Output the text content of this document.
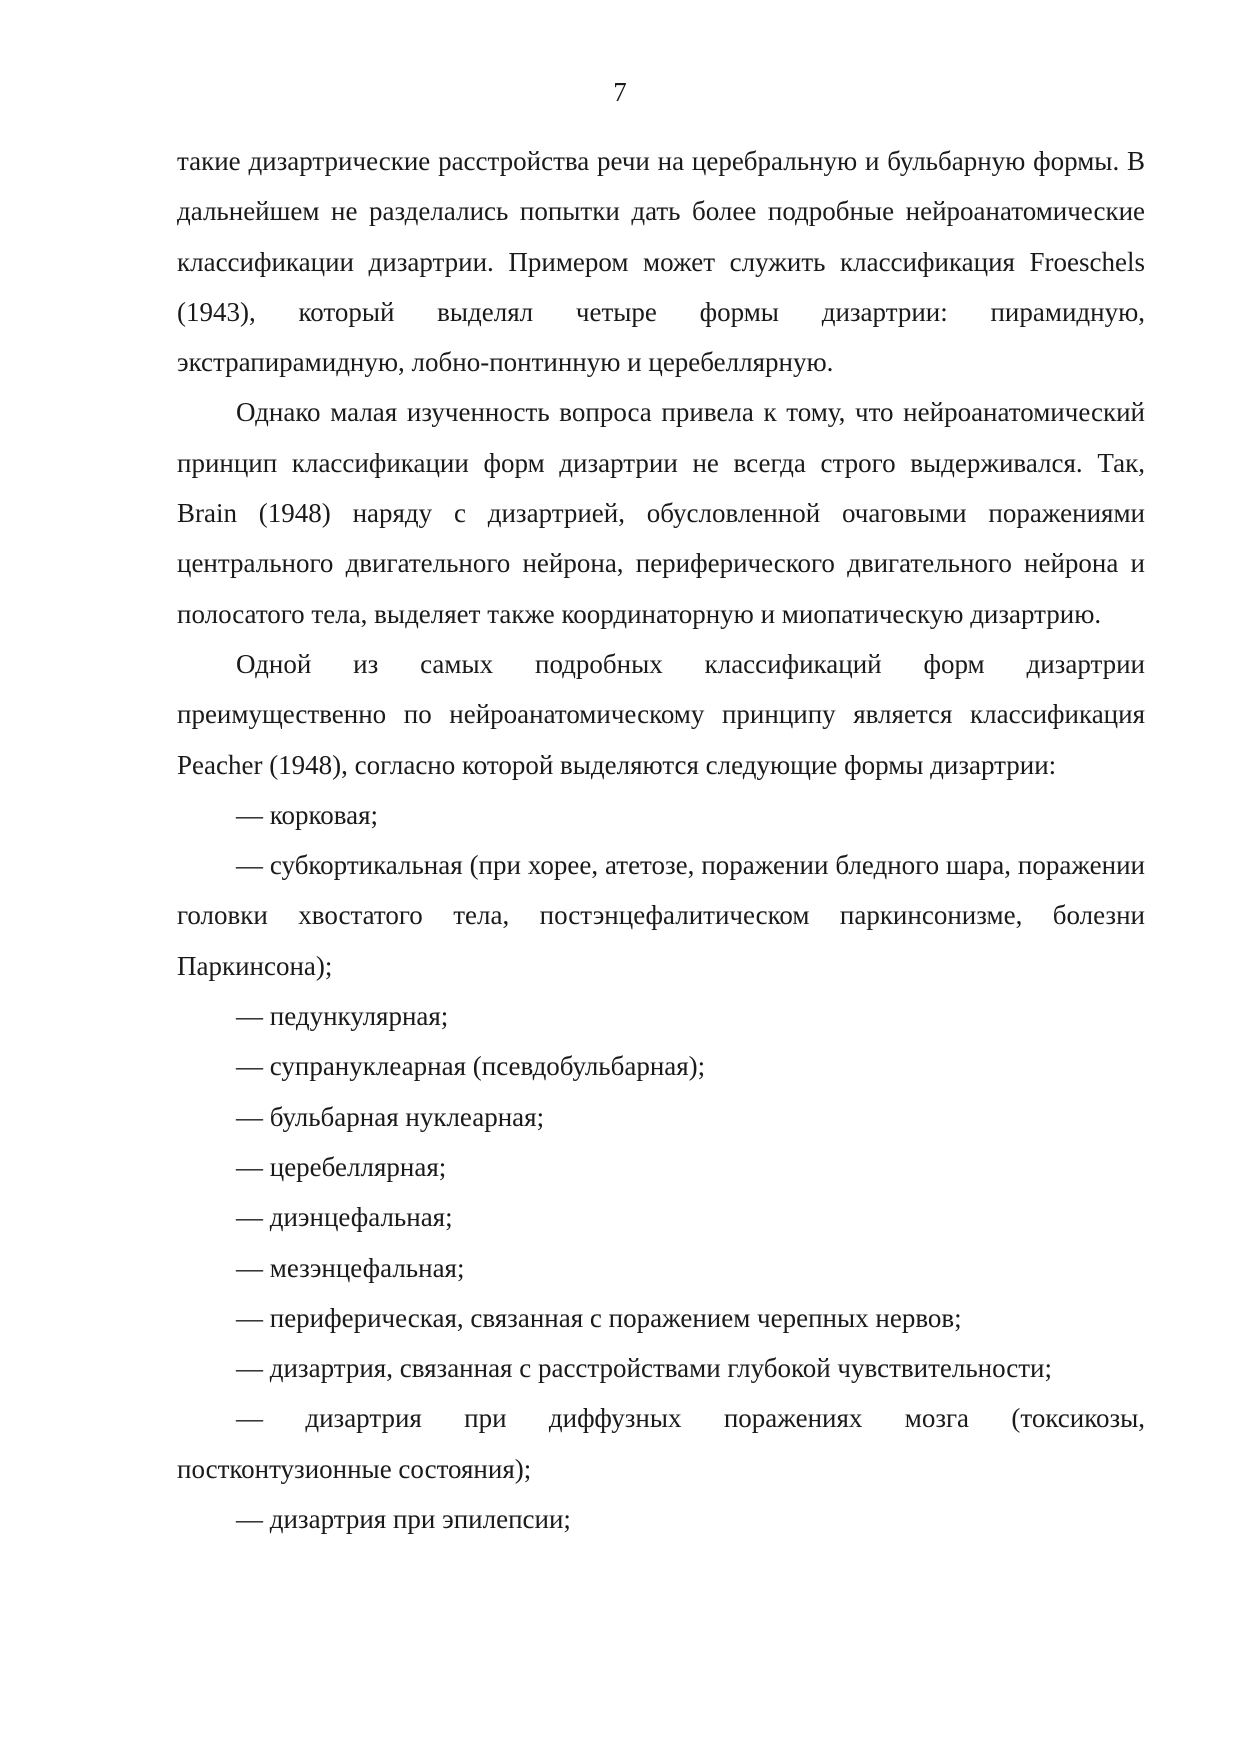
7

такие дизартрические расстройства речи на церебральную и бульбарную формы. В дальнейшем не разделались попытки дать более подробные нейроанатомические классификации дизартрии. Примером может служить классификация Froeschels (1943), который выделял четыре формы дизартрии: пирамидную, экстрапирамидную, лобно-понтинную и церебеллярную.

Однако малая изученность вопроса привела к тому, что нейроанатомический принцип классификации форм дизартрии не всегда строго выдерживался. Так, Brain (1948) наряду с дизартрией, обусловленной очаговыми поражениями центрального двигательного нейрона, периферического двигательного нейрона и полосатого тела, выделяет также координаторную и миопатическую дизартрию.

Одной из самых подробных классификаций форм дизартрии преимущественно по нейроанатомическому принципу является классификация Peacher (1948), согласно которой выделяются следующие формы дизартрии:

— корковая;

— субкортикальная (при хорее, атетозе, поражении бледного шара, поражении головки хвостатого тела, постэнцефалитическом паркинсонизме, болезни Паркинсона);

— педункулярная;

— супрануклеарная (псевдобульбарная);

— бульбарная нуклеарная;

— церебеллярная;

— диэнцефальная;

— мезэнцефальная;

— периферическая, связанная с поражением черепных нервов;

— дизартрия, связанная с расстройствами глубокой чувствительности;

— дизартрия при диффузных поражениях мозга (токсикозы, постконтузионные состояния);

— дизартрия при эпилепсии;
